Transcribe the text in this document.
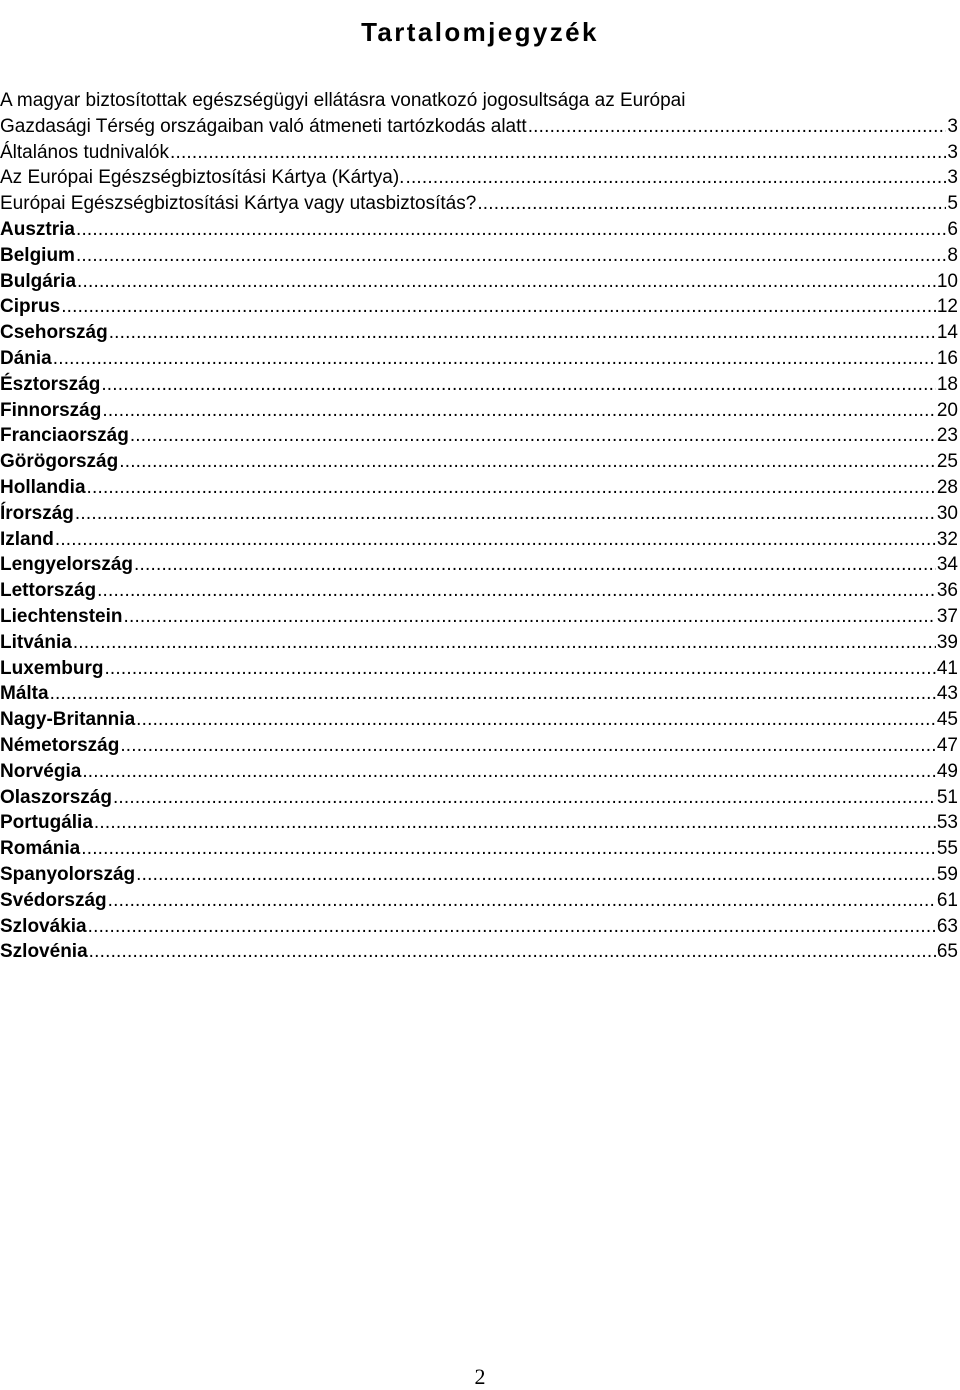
Tartalomjegyzék
A magyar biztosítottak egészségügyi ellátásra vonatkozó jogosultsága az Európai
Gazdasági Térség országaiban való átmeneti tartózkodás alatt .....	3
Általános tudnivalók .....	3
Az Európai Egészségbiztosítási Kártya (Kártya). .....	3
Európai Egészségbiztosítási Kártya vagy utasbiztosítás? .....	5
Ausztria .....	6
Belgium .....	8
Bulgária .....	10
Ciprus .....	12
Csehország .....	14
Dánia .....	16
Észtország .....	18
Finnország .....	20
Franciaország .....	23
Görögország .....	25
Hollandia .....	28
Írország .....	30
Izland .....	32
Lengyelország .....	34
Lettország .....	36
Liechtenstein .....	37
Litvánia .....	39
Luxemburg .....	41
Málta .....	43
Nagy-Britannia .....	45
Németország .....	47
Norvégia .....	49
Olaszország .....	51
Portugália .....	53
Románia .....	55
Spanyolország .....	59
Svédország .....	61
Szlovákia .....	63
Szlovénia .....	65
2
